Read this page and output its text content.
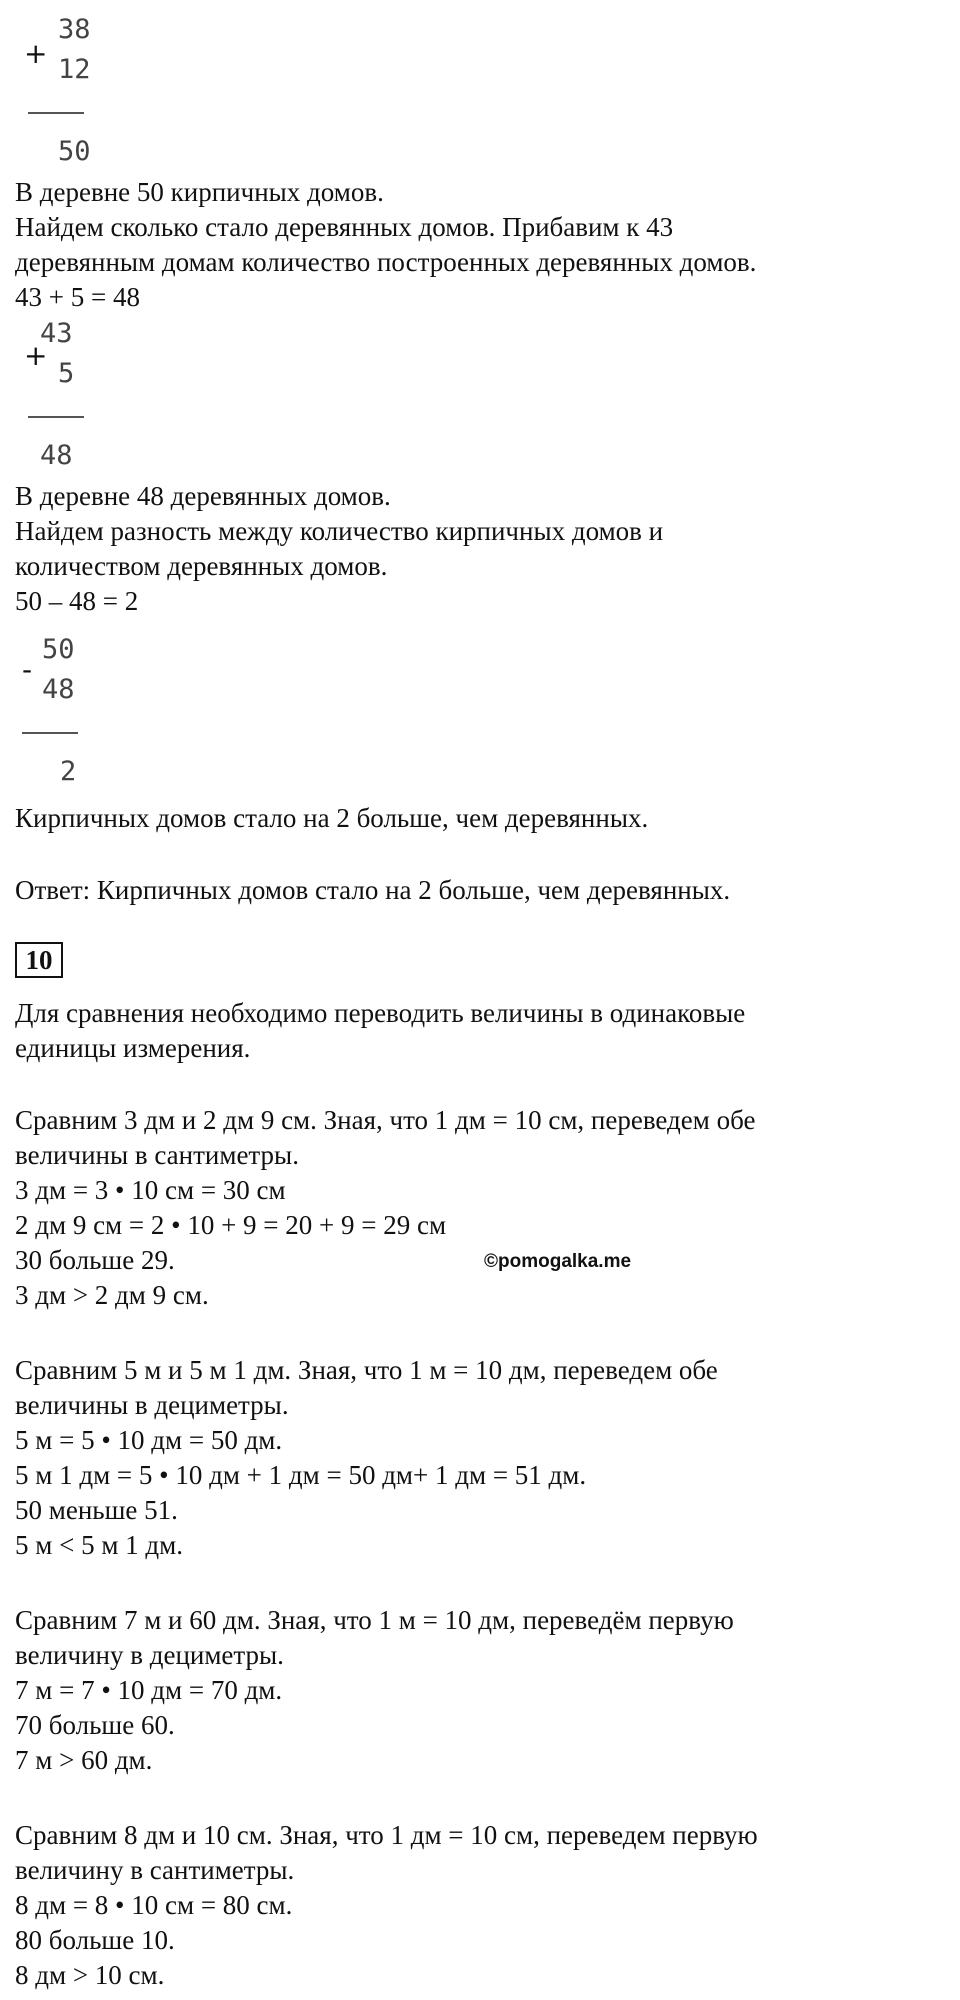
+
38
12
50
В деревне 50 кирпичных домов.
Найдем сколько стало деревянных домов. Прибавим к 43
деревянным домам количество построенных деревянных домов.
43 + 5 = 48
+
43
5
48
В деревне 48 деревянных домов.
Найдем разность между количество кирпичных домов и
количеством деревянных домов.
50 – 48 = 2
-
50
48
2
Кирпичных домов стало на 2 больше, чем деревянных.
Ответ: Кирпичных домов стало на 2 больше, чем деревянных.
10
Для сравнения необходимо переводить величины в одинаковые
единицы измерения.
Сравним 3 дм и 2 дм 9 см. Зная, что 1 дм = 10 см, переведем обе
величины в сантиметры.
3 дм = 3 • 10 см = 30 см
2 дм 9 см = 2 • 10 + 9 = 20 + 9 = 29 см
30 больше 29.
3 дм > 2 дм 9 см.
©pomogalka.me
Сравним 5 м и 5 м 1 дм. Зная, что 1 м = 10 дм, переведем обе
величины в дециметры.
5 м = 5 • 10 дм = 50 дм.
5 м 1 дм = 5 • 10 дм + 1 дм = 50 дм+ 1 дм = 51 дм.
50 меньше 51.
5 м < 5 м 1 дм.
Сравним 7 м и 60 дм. Зная, что 1 м = 10 дм, переведём первую
величину в дециметры.
7 м = 7 • 10 дм = 70 дм.
70 больше 60.
7 м > 60 дм.
Сравним 8 дм и 10 см. Зная, что 1 дм = 10 см, переведем первую
величину в сантиметры.
8 дм = 8 • 10 см = 80 см.
80 больше 10.
8 дм > 10 см.
